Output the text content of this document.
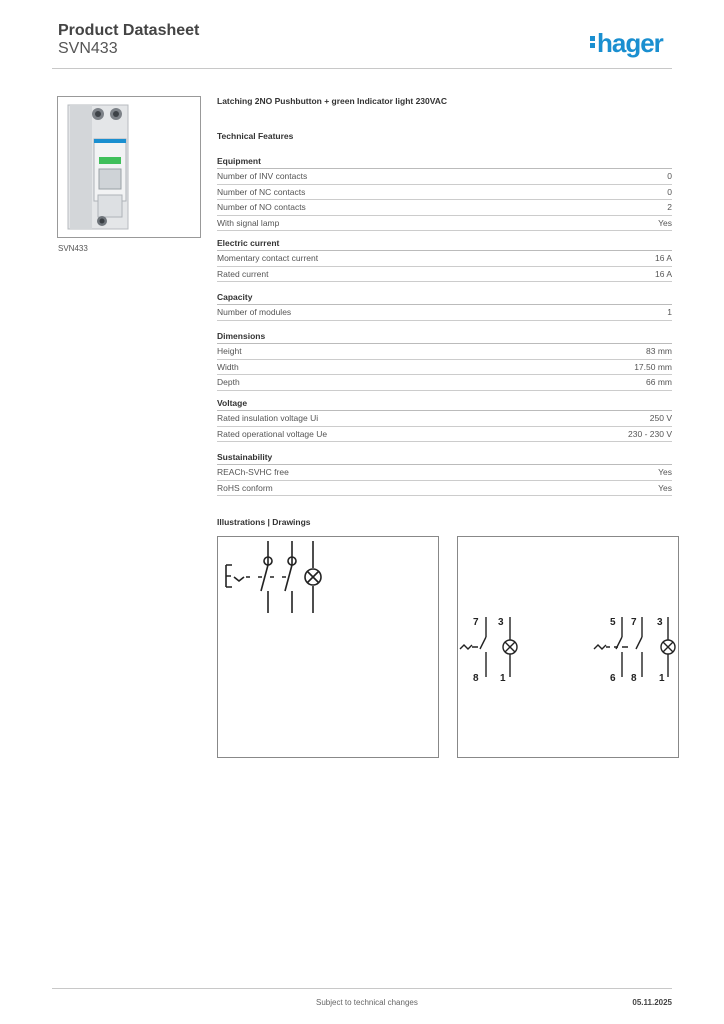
Product Datasheet
SVN433	hager
SVN433
Latching 2NO Pushbutton + green Indicator light 230VAC
Technical Features
Equipment
Number of INV contacts	0
Number of NC contacts	0
Number of NO contacts	2
With signal lamp	Yes
Electric current
Momentary contact current	16 A
Rated current	16 A
Capacity
Number of modules	1
Dimensions
Height	83 mm
Width	17.50 mm
Depth	66 mm
Voltage
Rated insulation voltage Ui	250 V
Rated operational voltage Ue	230 - 230 V
Sustainability
REACh-SVHC free	Yes
RoHS conform	Yes
Illustrations | Drawings
7 3
8 1
5 7 3
6 8 1
Subject to technical changes	05.11.2025
